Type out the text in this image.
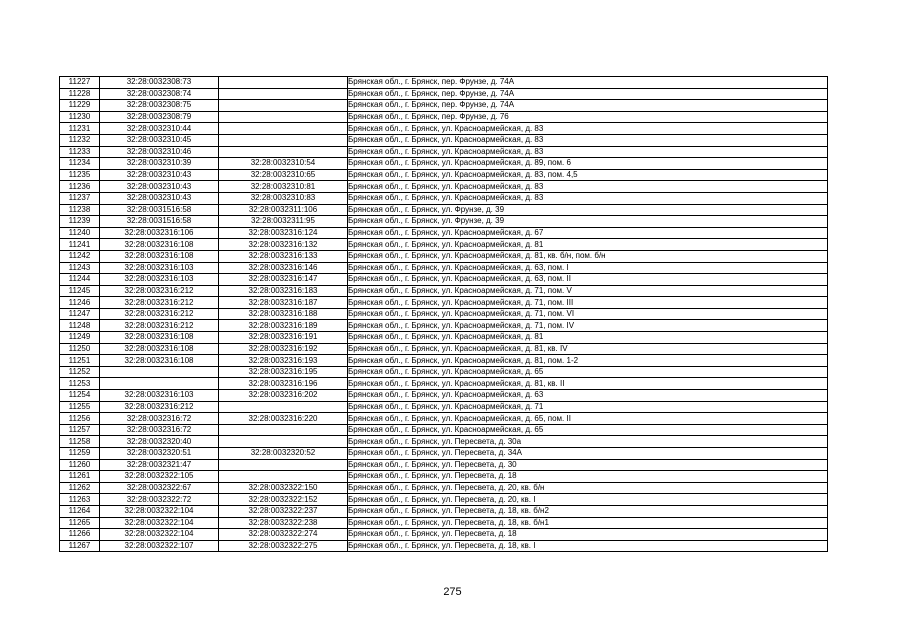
11227	32:28:0032308:73		Брянская обл., г. Брянск, пер. Фрунзе, д. 74А
11228	32:28:0032308:74		Брянская обл., г. Брянск, пер. Фрунзе, д. 74А
11229	32:28:0032308:75		Брянская обл., г. Брянск, пер. Фрунзе, д. 74А
11230	32:28:0032308:79		Брянская обл., г. Брянск, пер. Фрунзе, д. 76
11231	32:28:0032310:44		Брянская обл., г. Брянск, ул. Красноармейская, д. 83
11232	32:28:0032310:45		Брянская обл., г. Брянск, ул. Красноармейская, д. 83
11233	32:28:0032310:46		Брянская обл., г. Брянск, ул. Красноармейская, д. 83
11234	32:28:0032310:39	32:28:0032310:54	Брянская обл., г. Брянск, ул. Красноармейская, д. 89, пом. 6
11235	32:28:0032310:43	32:28:0032310:65	Брянская обл., г. Брянск, ул. Красноармейская, д. 83, пом. 4,5
11236	32:28:0032310:43	32:28:0032310:81	Брянская обл., г. Брянск, ул. Красноармейская, д. 83
11237	32:28:0032310:43	32:28:0032310:83	Брянская обл., г. Брянск, ул. Красноармейская, д. 83
11238	32:28:0031516:58	32:28:0032311:106	Брянская обл., г. Брянск, ул. Фрунзе, д. 39
11239	32:28:0031516:58	32:28:0032311:95	Брянская обл., г. Брянск, ул. Фрунзе, д. 39
11240	32:28:0032316:106	32:28:0032316:124	Брянская обл., г. Брянск, ул. Красноармейская, д. 67
11241	32:28:0032316:108	32:28:0032316:132	Брянская обл., г. Брянск, ул. Красноармейская, д. 81
11242	32:28:0032316:108	32:28:0032316:133	Брянская обл., г. Брянск, ул. Красноармейская, д. 81, кв. б/н, пом. б/н
11243	32:28:0032316:103	32:28:0032316:146	Брянская обл., г. Брянск, ул. Красноармейская, д. 63, пом. I
11244	32:28:0032316:103	32:28:0032316:147	Брянская обл., г. Брянск, ул. Красноармейская, д. 63, пом. II
11245	32:28:0032316:212	32:28:0032316:183	Брянская обл., г. Брянск, ул. Красноармейская, д. 71, пом. V
11246	32:28:0032316:212	32:28:0032316:187	Брянская обл., г. Брянск, ул. Красноармейская, д. 71, пом. III
11247	32:28:0032316:212	32:28:0032316:188	Брянская обл., г. Брянск, ул. Красноармейская, д. 71, пом. VI
11248	32:28:0032316:212	32:28:0032316:189	Брянская обл., г. Брянск, ул. Красноармейская, д. 71, пом. IV
11249	32:28:0032316:108	32:28:0032316:191	Брянская обл., г. Брянск, ул. Красноармейская, д. 81
11250	32:28:0032316:108	32:28:0032316:192	Брянская обл., г. Брянск, ул. Красноармейская, д. 81, кв. IV
11251	32:28:0032316:108	32:28:0032316:193	Брянская обл., г. Брянск, ул. Красноармейская, д. 81, пом. 1-2
11252		32:28:0032316:195	Брянская обл., г. Брянск, ул. Красноармейская, д. 65
11253		32:28:0032316:196	Брянская обл., г. Брянск, ул. Красноармейская, д. 81, кв. II
11254	32:28:0032316:103	32:28:0032316:202	Брянская обл., г. Брянск, ул. Красноармейская, д. 63
11255	32:28:0032316:212		Брянская обл., г. Брянск, ул. Красноармейская, д. 71
11256	32:28:0032316:72	32:28:0032316:220	Брянская обл., г. Брянск, ул. Красноармейская, д. 65, пом. II
11257	32:28:0032316:72		Брянская обл., г. Брянск, ул. Красноармейская, д. 65
11258	32:28:0032320:40		Брянская обл., г. Брянск, ул. Пересвета, д. 30а
11259	32:28:0032320:51	32:28:0032320:52	Брянская обл., г. Брянск, ул. Пересвета, д. 34А
11260	32:28:0032321:47		Брянская обл., г. Брянск, ул. Пересвета, д. 30
11261	32:28:0032322:105		Брянская обл., г. Брянск, ул. Пересвета, д. 18
11262	32:28:0032322:67	32:28:0032322:150	Брянская обл., г. Брянск, ул. Пересвета, д. 20, кв. б/н
11263	32:28:0032322:72	32:28:0032322:152	Брянская обл., г. Брянск, ул. Пересвета, д. 20, кв. I
11264	32:28:0032322:104	32:28:0032322:237	Брянская обл., г. Брянск, ул. Пересвета, д. 18, кв. б/н2
11265	32:28:0032322:104	32:28:0032322:238	Брянская обл., г. Брянск, ул. Пересвета, д. 18, кв. б/н1
11266	32:28:0032322:104	32:28:0032322:274	Брянская обл., г. Брянск, ул. Пересвета, д. 18
11267	32:28:0032322:107	32:28:0032322:275	Брянская обл., г. Брянск, ул. Пересвета, д. 18, кв. I
275
